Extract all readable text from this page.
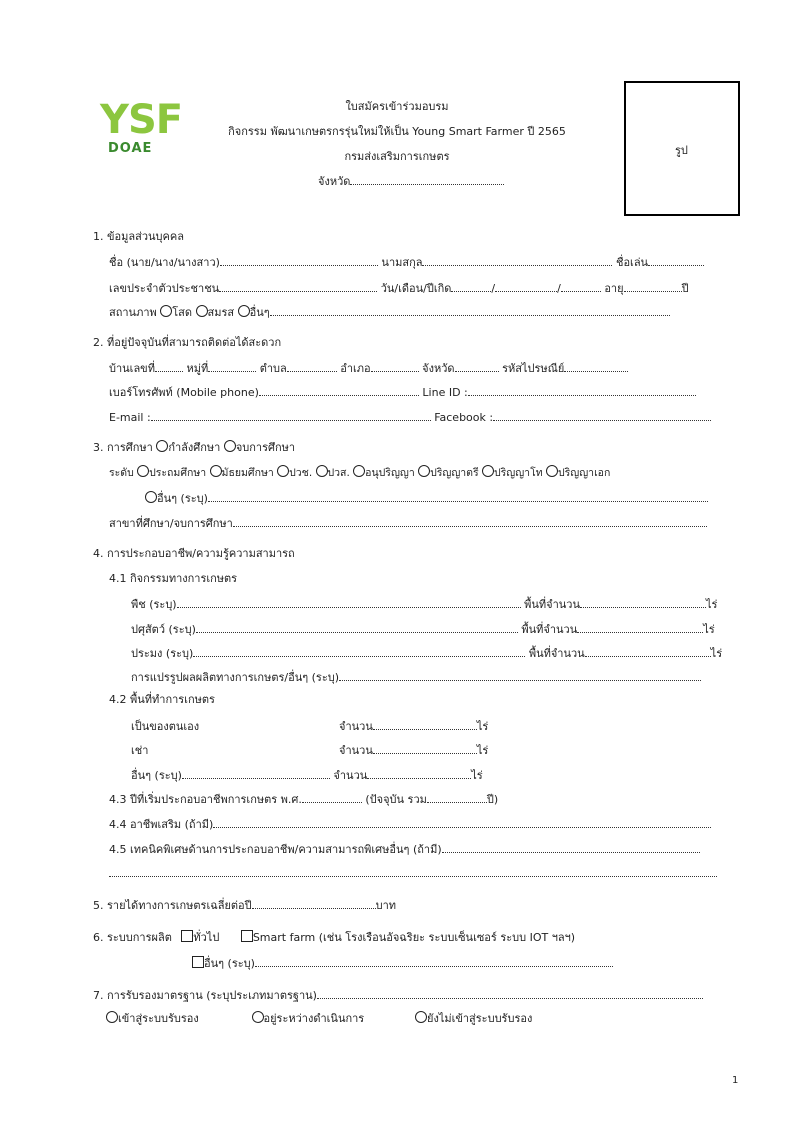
YSF
DOAE
ใบสมัครเข้าร่วมอบรม
กิจกรรม พัฒนาเกษตรกรรุ่นใหม่ให้เป็น Young Smart Farmer ปี 2565
กรมส่งเสริมการเกษตร
จังหวัด
รูป
1. ข้อมูลส่วนบุคคล
ชื่อ (นาย/นาง/นางสาว)	นามสกุล	ชื่อเล่น
เลขประจำตัวประชาชน	วัน/เดือน/ปีเกิด	/	/	อายุ	ปี
สถานภาพ โสด สมรส อื่นๆ
2. ที่อยู่ปัจจุบันที่สามารถติดต่อได้สะดวก
บ้านเลขที่	หมู่ที่	ตำบล	อำเภอ	จังหวัด	รหัสไปรษณีย์
เบอร์โทรศัพท์ (Mobile phone)	Line ID :
E-mail :	Facebook :
3. การศึกษา กำลังศึกษา จบการศึกษา
ระดับ ประถมศึกษา มัธยมศึกษา ปวช. ปวส. อนุปริญญา ปริญญาตรี ปริญญาโท ปริญญาเอก
อื่นๆ (ระบุ)
สาขาที่ศึกษา/จบการศึกษา
4. การประกอบอาชีพ/ความรู้ความสามารถ
4.1 กิจกรรมทางการเกษตร
พืช (ระบุ)	พื้นที่จำนวน	ไร่
ปศุสัตว์ (ระบุ)	พื้นที่จำนวน	ไร่
ประมง (ระบุ)	พื้นที่จำนวน	ไร่
การแปรรูปผลผลิตทางการเกษตร/อื่นๆ (ระบุ)
4.2 พื้นที่ทำการเกษตร
เป็นของตนเอง	จำนวน	ไร่
เช่า	จำนวน	ไร่
อื่นๆ (ระบุ)	จำนวน	ไร่
4.3 ปีที่เริ่มประกอบอาชีพการเกษตร พ.ศ.	(ปัจจุบัน รวม	ปี)
4.4 อาชีพเสริม (ถ้ามี)
4.5 เทคนิคพิเศษด้านการประกอบอาชีพ/ความสามารถพิเศษอื่นๆ (ถ้ามี)
5. รายได้ทางการเกษตรเฉลี่ยต่อปี	บาท
6. ระบบการผลิต ทั่วไป	Smart farm (เช่น โรงเรือนอัจฉริยะ ระบบเซ็นเซอร์ ระบบ IOT ฯลฯ)
อื่นๆ (ระบุ)
7. การรับรองมาตรฐาน (ระบุประเภทมาตรฐาน)
เข้าสู่ระบบรับรอง	อยู่ระหว่างดำเนินการ	ยังไม่เข้าสู่ระบบรับรอง
1
